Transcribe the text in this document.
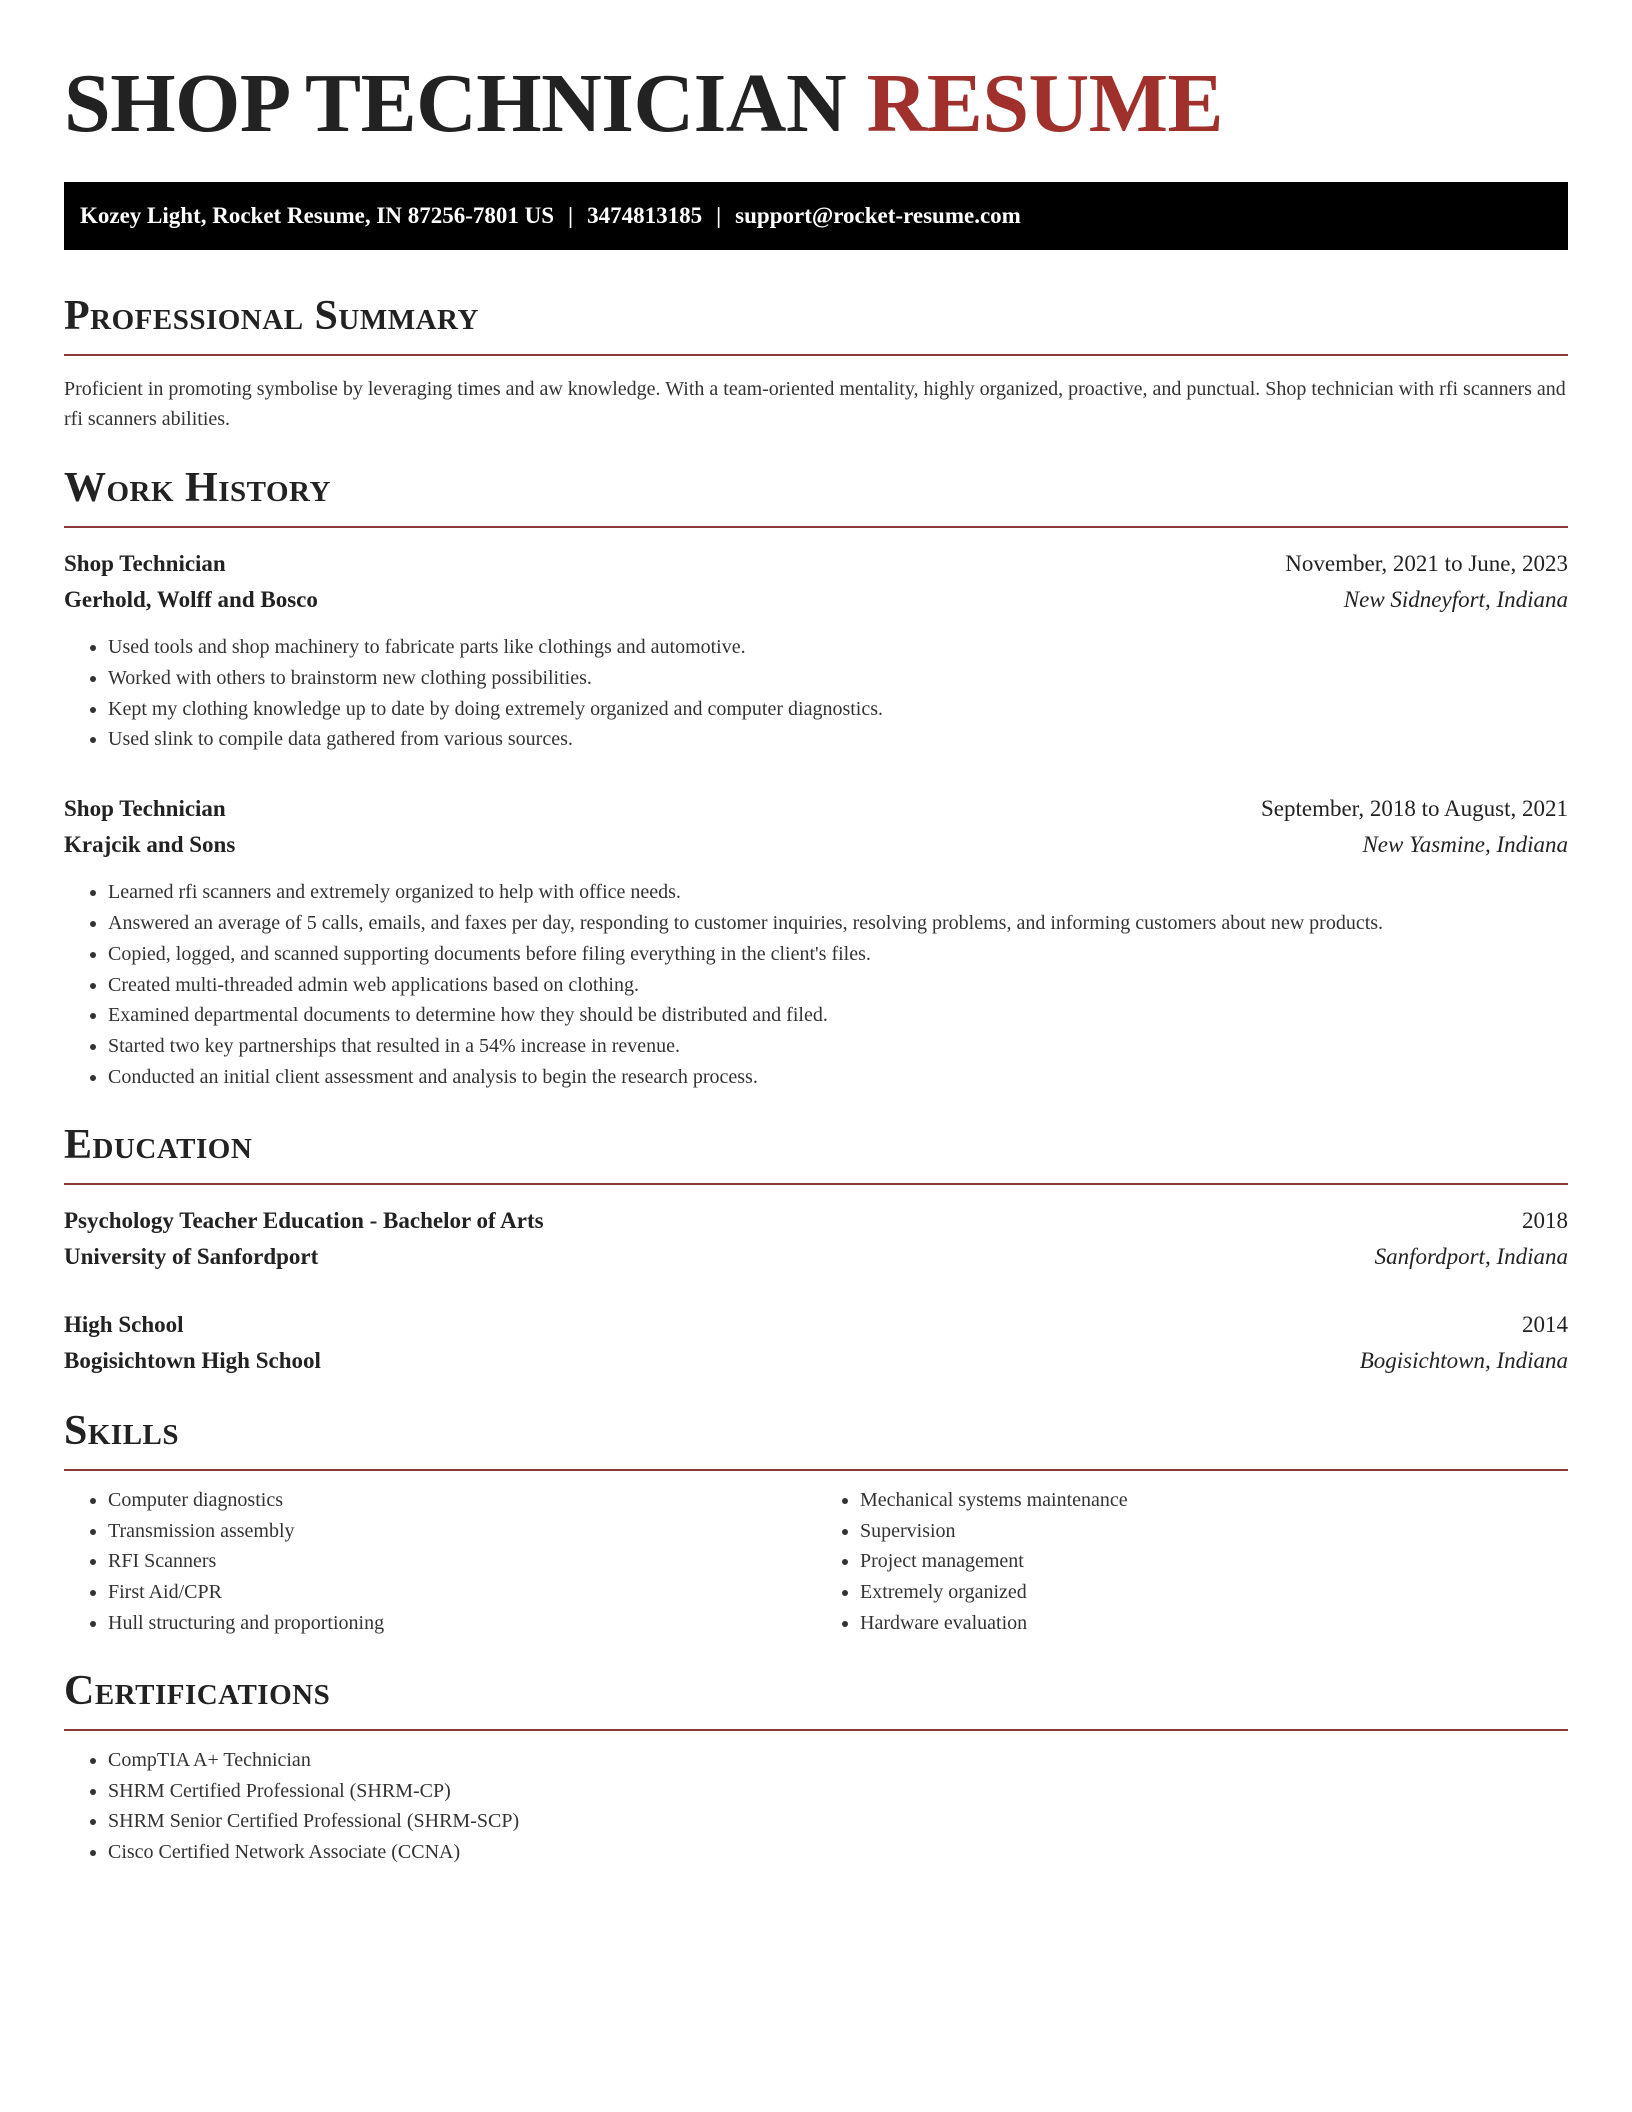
SHOP TECHNICIAN RESUME
Kozey Light, Rocket Resume, IN 87256-7801 US | 3474813185 | support@rocket-resume.com
Professional Summary

Proficient in promoting symbolise by leveraging times and aw knowledge. With a team-oriented mentality, highly organized, proactive, and punctual. Shop technician with rfi scanners and rfi scanners abilities.

Work History
Shop Technician	November, 2021 to June, 2023
Gerhold, Wolff and Bosco	New Sidneyfort, Indiana
• Used tools and shop machinery to fabricate parts like clothings and automotive.
• Worked with others to brainstorm new clothing possibilities.
• Kept my clothing knowledge up to date by doing extremely organized and computer diagnostics.
• Used slink to compile data gathered from various sources.
Shop Technician	September, 2018 to August, 2021
Krajcik and Sons	New Yasmine, Indiana
• Learned rfi scanners and extremely organized to help with office needs.
• Answered an average of 5 calls, emails, and faxes per day, responding to customer inquiries, resolving problems, and informing customers about new products.
• Copied, logged, and scanned supporting documents before filing everything in the client's files.
• Created multi-threaded admin web applications based on clothing.
• Examined departmental documents to determine how they should be distributed and filed.
• Started two key partnerships that resulted in a 54% increase in revenue.
• Conducted an initial client assessment and analysis to begin the research process.
Education
Psychology Teacher Education - Bachelor of Arts	2018
University of Sanfordport	Sanfordport, Indiana
High School	2014
Bogisichtown High School	Bogisichtown, Indiana
Skills
• Computer diagnostics
• Transmission assembly
• RFI Scanners
• First Aid/CPR
• Hull structuring and proportioning
• Mechanical systems maintenance
• Supervision
• Project management
• Extremely organized
• Hardware evaluation
Certifications
• CompTIA A+ Technician
• SHRM Certified Professional (SHRM-CP)
• SHRM Senior Certified Professional (SHRM-SCP)
• Cisco Certified Network Associate (CCNA)
